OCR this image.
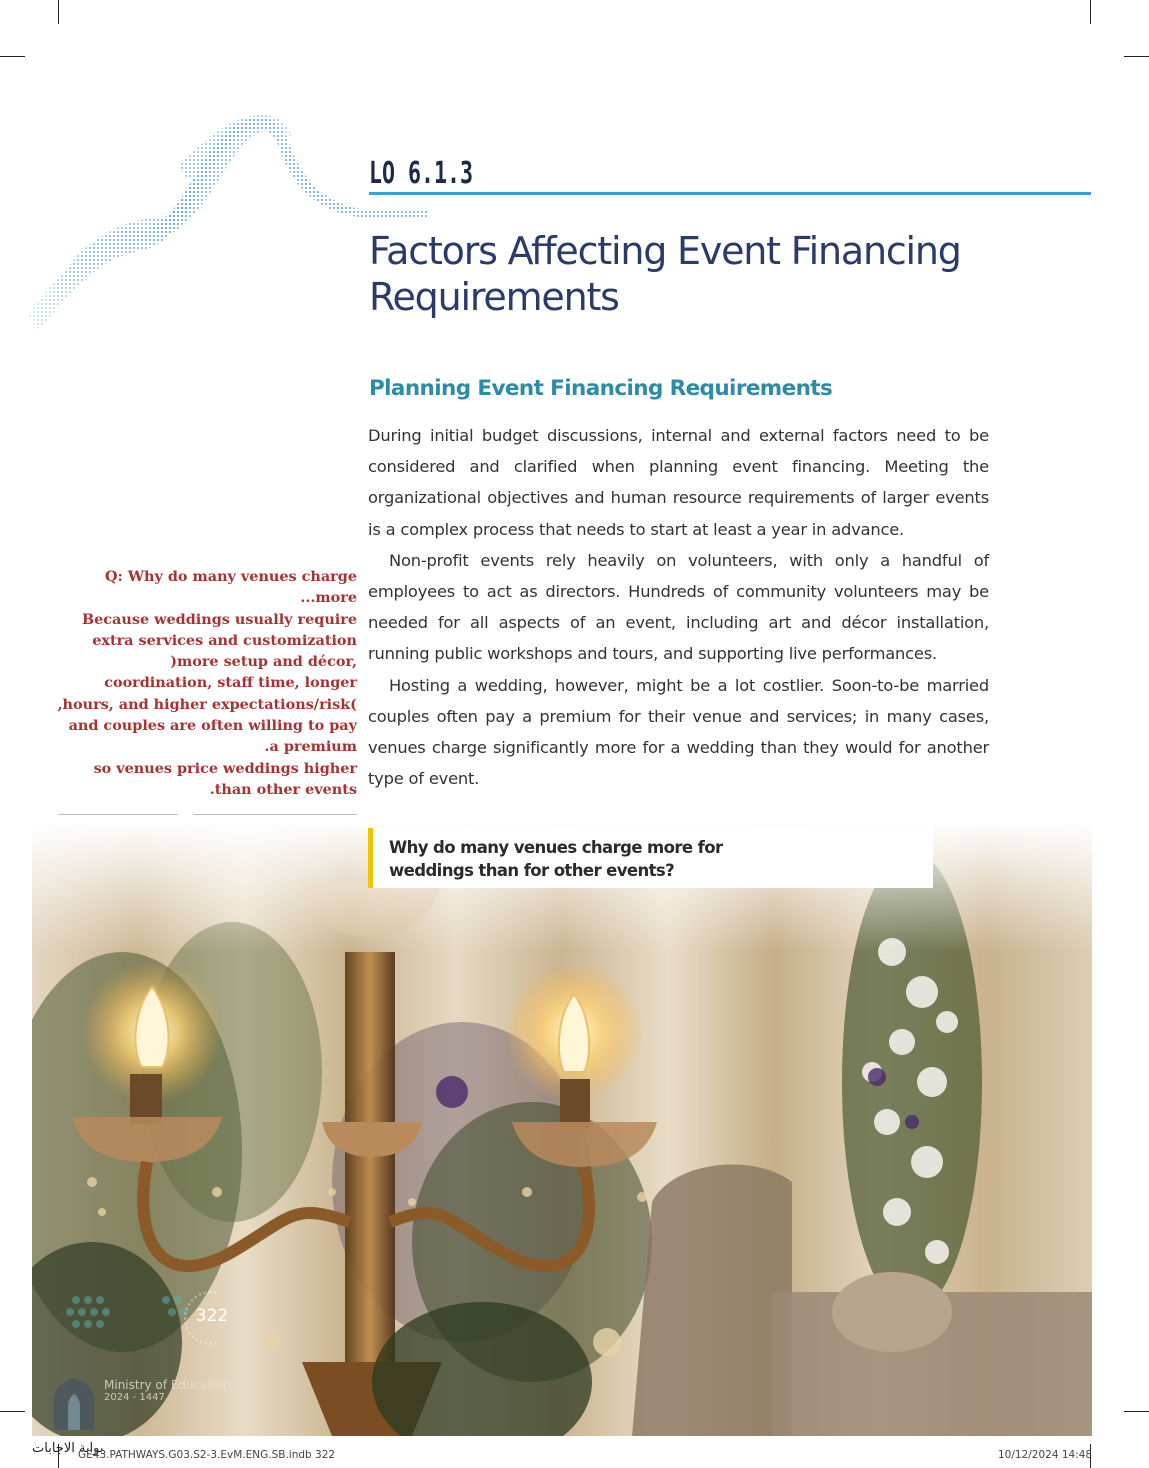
LO 6.1.3
Factors Affecting Event Financing
Requirements
Planning Event Financing Requirements

During initial budget discussions, internal and external factors need to be considered and clarified when planning event financing. Meeting the organizational objectives and human resource requirements of larger events is a complex process that needs to start at least a year in advance.

Non-profit events rely heavily on volunteers, with only a handful of employees to act as directors. Hundreds of community volunteers may be needed for all aspects of an event, including art and décor installation, running public workshops and tours, and supporting live performances.

Hosting a wedding, however, might be a lot costlier. Soon-to-be married couples often pay a premium for their venue and services; in many cases, venues charge significantly more for a wedding than they would for another type of event.

Q: Why do many venues charge
...more
Because weddings usually require
extra services and customization
)more setup and décor,
coordination, staff time, longer
,hours, and higher expectations/risk(
and couples are often willing to pay
.a premium
so venues price weddings higher
.than other events
Why do many venues charge more for weddings than for other events?
Ministry of Education
2024 - 1447
322
بوابة الاجابات
GE43.PATHWAYS.G03.S2-3.EvM.ENG.SB.indb 322	10/12/2024 14:48
